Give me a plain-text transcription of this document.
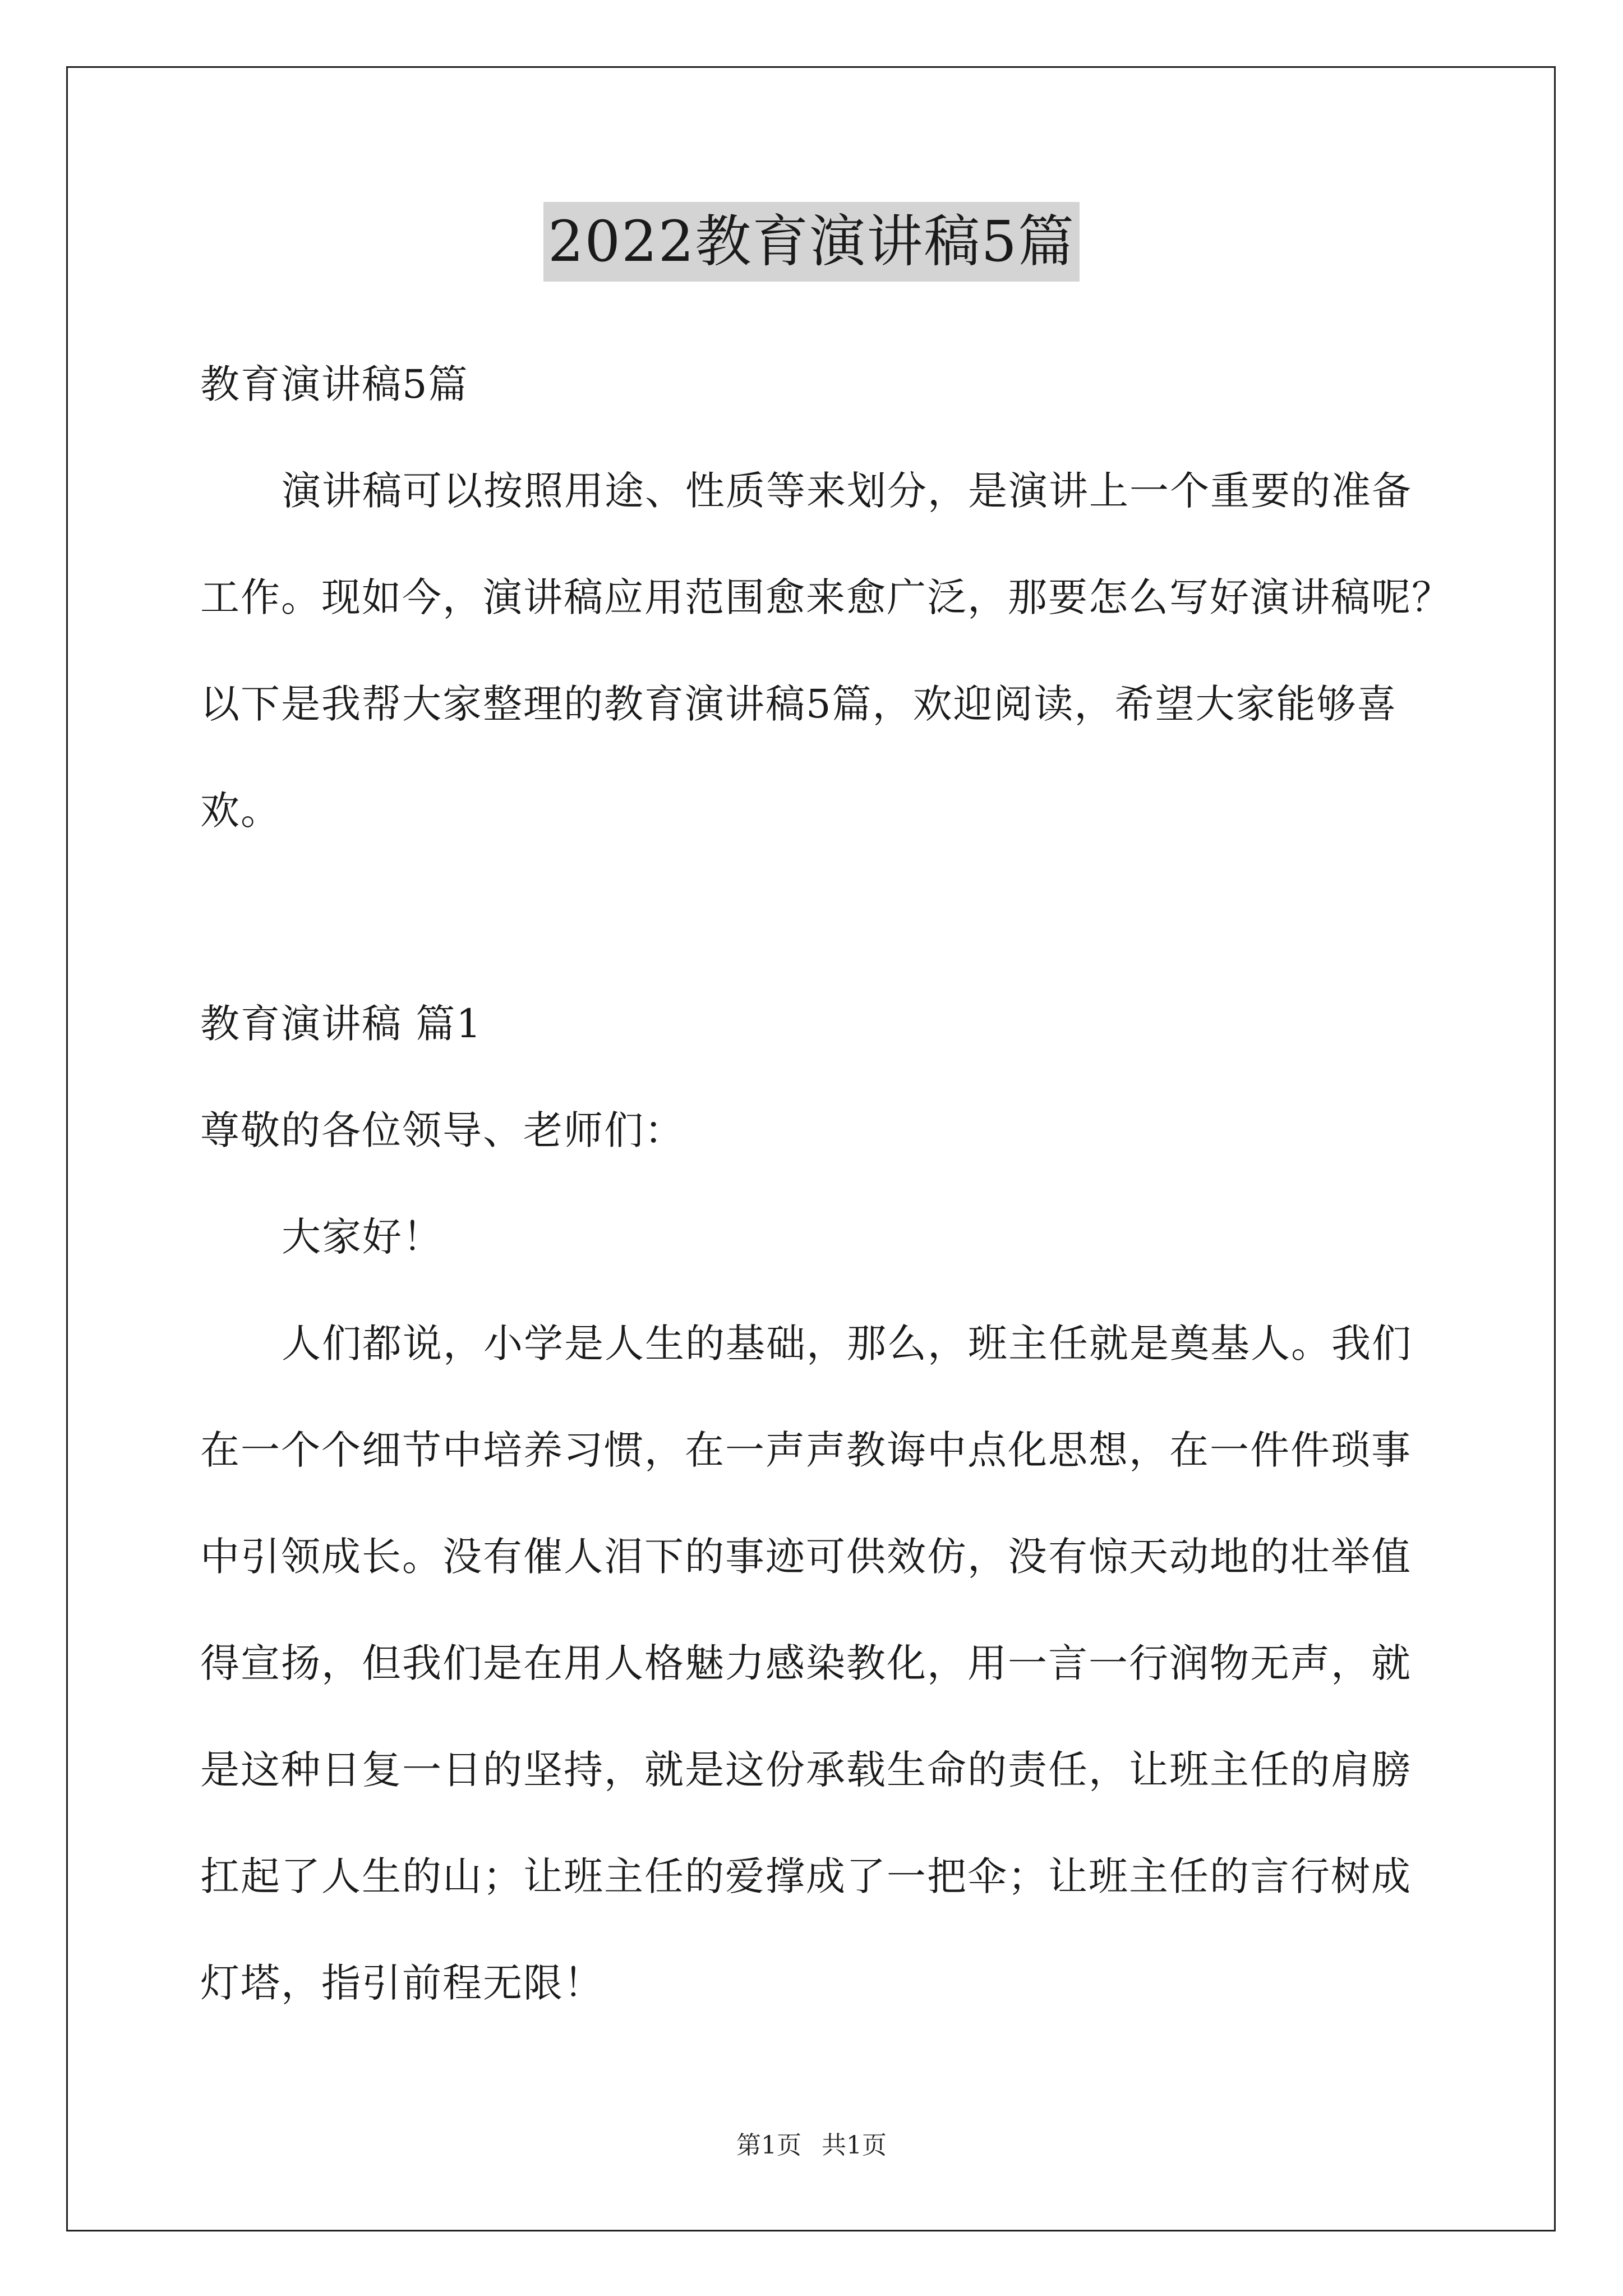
2022教育演讲稿5篇
教育演讲稿5篇
演讲稿可以按照用途、性质等来划分，是演讲上一个重要的准备
工作。现如今，演讲稿应用范围愈来愈广泛，那要怎么写好演讲稿呢？
以下是我帮大家整理的教育演讲稿5篇，欢迎阅读，希望大家能够喜
欢。
教育演讲稿 篇1
尊敬的各位领导、老师们：
大家好！
人们都说，小学是人生的基础，那么，班主任就是奠基人。我们
在一个个细节中培养习惯，在一声声教诲中点化思想，在一件件琐事
中引领成长。没有催人泪下的事迹可供效仿，没有惊天动地的壮举值
得宣扬，但我们是在用人格魅力感染教化，用一言一行润物无声，就
是这种日复一日的坚持，就是这份承载生命的责任，让班主任的肩膀
扛起了人生的山；让班主任的爱撑成了一把伞；让班主任的言行树成
灯塔，指引前程无限！
第1页 共1页
